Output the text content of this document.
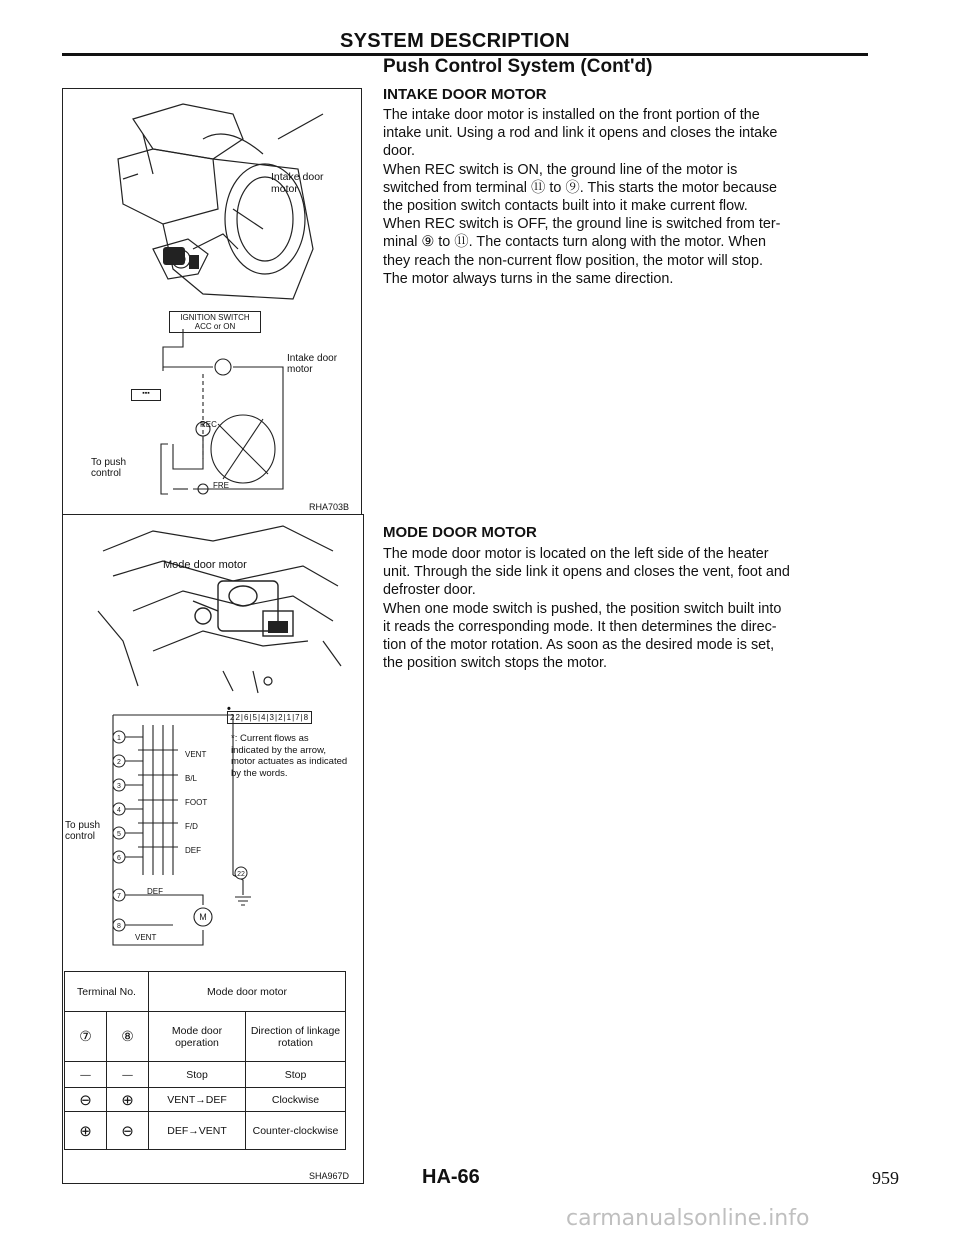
SYSTEM DESCRIPTION
Push Control System (Cont'd)
INTAKE DOOR MOTOR
The intake door motor is installed on the front portion of the
intake unit. Using a rod and link it opens and closes the intake
door.
When REC switch is ON, the ground line of the motor is
switched from terminal ⑪ to ⑨. This starts the motor because
the position switch contacts built into it make current flow.
When REC switch is OFF, the ground line is switched from ter-
minal ⑨ to ⑪. The contacts turn along with the motor. When
they reach the non-current flow position, the motor will stop.
The motor always turns in the same direction.
MODE DOOR MOTOR
The mode door motor is located on the left side of the heater
unit. Through the side link it opens and closes the vent, foot and
defroster door.
When one mode switch is pushed, the position switch built into
it reads the corresponding mode. It then determines the direc-
tion of the motor rotation. As soon as the desired mode is set,
the position switch stops the motor.
Intake door motor
IGNITION SWITCH ACC or ON
Intake door motor
REC
FRE
To push control
▪▪▪
RHA703B
Mode door motor
•
22|6|5|4|3|2|1|7|8
*: Current flows as indicated by the arrow, motor actuates as indicated by the words.
1
2
3
4
5
6
7
8
22
M
VENT
B/L
FOOT
F/D
DEF
DEF
VENT
To push control
Terminal No.		Mode door motor	
⑦	⑧	Mode door operation	Direction of linkage rotation
—	—	Stop	Stop
⊖	⊕	VENT→DEF	Clockwise
⊕	⊖	DEF→VENT	Counter-clockwise
SHA967D	HA-66	959
carmanualsonline.info
